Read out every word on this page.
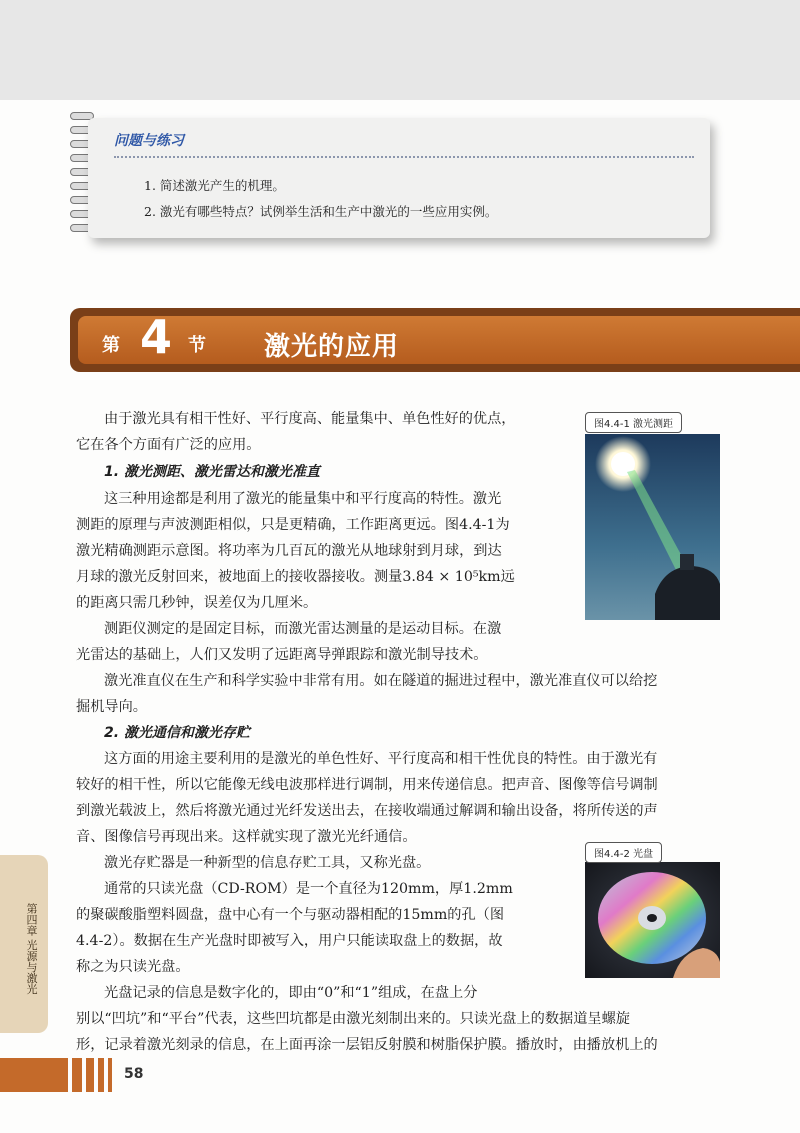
问题与练习
1. 简述激光产生的机理。
2. 激光有哪些特点？试例举生活和生产中激光的一些应用实例。
第 4 节 激光的应用
由于激光具有相干性好、平行度高、能量集中、单色性好的优点，
它在各个方面有广泛的应用。
1. 激光测距、激光雷达和激光准直
这三种用途都是利用了激光的能量集中和平行度高的特性。激光
测距的原理与声波测距相似，只是更精确，工作距离更远。图4.4-1为
激光精确测距示意图。将功率为几百瓦的激光从地球射到月球，到达
月球的激光反射回来，被地面上的接收器接收。测量3.84 × 10⁵km远
的距离只需几秒钟，误差仅为几厘米。
测距仪测定的是固定目标，而激光雷达测量的是运动目标。在激
光雷达的基础上，人们又发明了远距离导弹跟踪和激光制导技术。
激光准直仪在生产和科学实验中非常有用。如在隧道的掘进过程中，激光准直仪可以给挖
掘机导向。
2. 激光通信和激光存贮
这方面的用途主要利用的是激光的单色性好、平行度高和相干性优良的特性。由于激光有
较好的相干性，所以它能像无线电波那样进行调制，用来传递信息。把声音、图像等信号调制
到激光载波上，然后将激光通过光纤发送出去，在接收端通过解调和输出设备，将所传送的声
音、图像信号再现出来。这样就实现了激光光纤通信。
激光存贮器是一种新型的信息存贮工具，又称光盘。
通常的只读光盘（CD-ROM）是一个直径为120mm，厚1.2mm
的聚碳酸脂塑料圆盘，盘中心有一个与驱动器相配的15mm的孔（图
4.4-2）。数据在生产光盘时即被写入，用户只能读取盘上的数据，故
称之为只读光盘。
光盘记录的信息是数字化的，即由“0”和“1”组成，在盘上分
别以“凹坑”和“平台”代表，这些凹坑都是由激光刻制出来的。只读光盘上的数据道呈螺旋
形，记录着激光刻录的信息，在上面再涂一层铝反射膜和树脂保护膜。播放时，由播放机上的
图4.4-1 激光测距
图4.4-2 光盘
第四章 光源与激光
58
